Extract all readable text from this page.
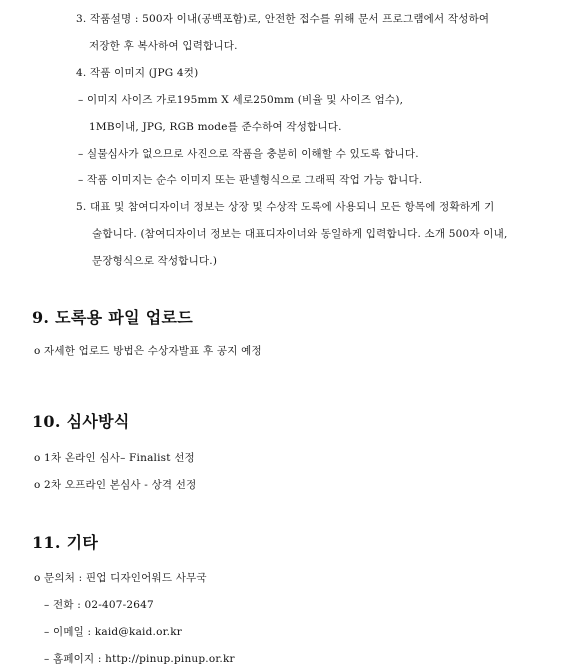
3. 작품설명 : 500자 이내(공백포함)로, 안전한 접수를 위해 문서 프로그램에서 작성하여
저장한 후 복사하여 입력합니다.
4. 작품 이미지 (JPG 4컷)
– 이미지 사이즈 가로195mm X 세로250mm (비율 및 사이즈 엄수),
1MB이내, JPG, RGB mode를 준수하여 작성합니다.
– 실물심사가 없으므로 사진으로 작품을 충분히 이해할 수 있도록 합니다.
– 작품 이미지는 순수 이미지 또는 판넬형식으로 그래픽 작업 가능 합니다.
5. 대표 및 참여디자이너 정보는 상장 및 수상작 도록에 사용되니 모든 항목에 정확하게 기
술합니다. (참여디자이너 정보는 대표디자이너와 동일하게 입력합니다. 소개 500자 이내,
문장형식으로 작성합니다.)
9. 도록용 파일 업로드
o 자세한 업로드 방법은 수상자발표 후 공지 예정
10. 심사방식
o 1차 온라인 심사– Finalist 선정
o 2차 오프라인 본심사 - 상격 선정
11. 기타
o 문의처 : 핀업 디자인어워드 사무국
– 전화 : 02-407-2647
– 이메일 : kaid@kaid.or.kr
– 홈페이지 : http://pinup.pinup.or.kr
